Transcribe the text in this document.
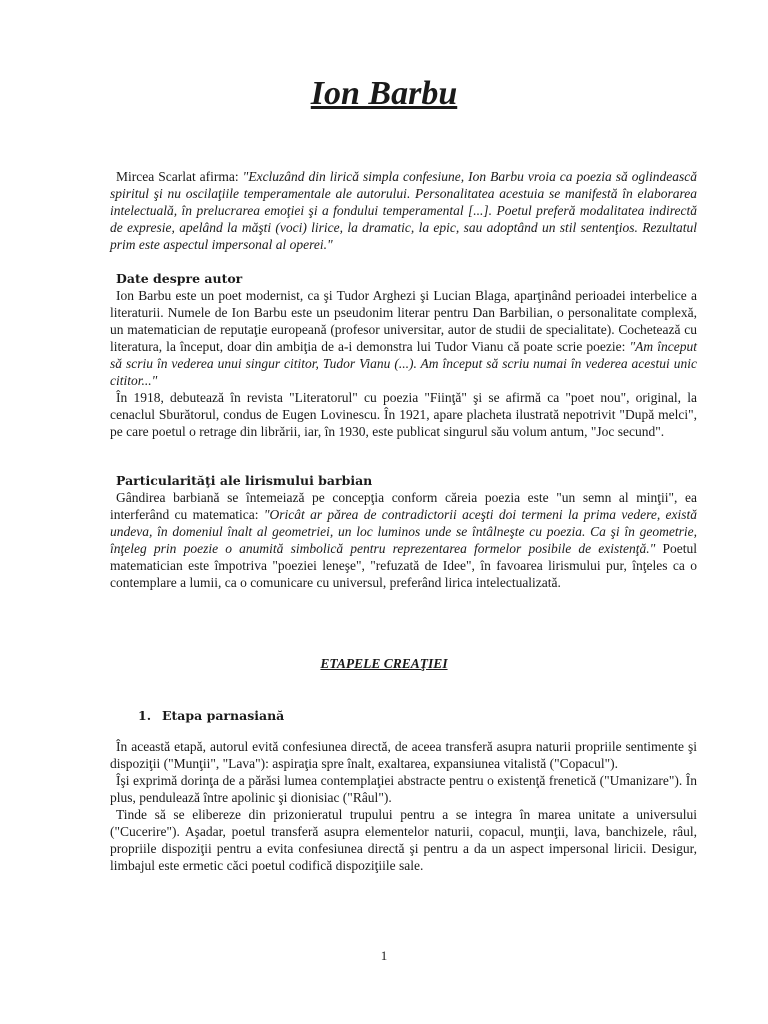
Ion Barbu

Mircea Scarlat afirma: "Excluzând din lirică simpla confesiune, Ion Barbu vroia ca poezia să oglindească spiritul şi nu oscilaţiile temperamentale ale autorului. Personalitatea acestuia se manifestă în elaborarea intelectuală, în prelucrarea emoţiei şi a fondului temperamental [...]. Poetul preferă modalitatea indirectă de expresie, apelând la măşti (voci) lirice, la dramatic, la epic, sau adoptând un stil sentenţios. Rezultatul prim este aspectul impersonal al operei."

Date despre autor

Ion Barbu este un poet modernist, ca şi Tudor Arghezi şi Lucian Blaga, aparţinând perioadei interbelice a literaturii. Numele de Ion Barbu este un pseudonim literar pentru Dan Barbilian, o personalitate complexă, un matematician de reputaţie europeană (profesor universitar, autor de studii de specialitate). Cochetează cu literatura, la început, doar din ambiţia de a-i demonstra lui Tudor Vianu că poate scrie poezie: "Am început să scriu în vederea unui singur cititor, Tudor Vianu (...). Am început să scriu numai în vederea acestui unic cititor..."

În 1918, debutează în revista "Literatorul" cu poezia "Fiinţă" şi se afirmă ca "poet nou", original, la cenaclul Sburătorul, condus de Eugen Lovinescu. În 1921, apare placheta ilustrată nepotrivit "După melci", pe care poetul o retrage din librării, iar, în 1930, este publicat singurul său volum antum, "Joc secund".

Particularităţi ale lirismului barbian

Gândirea barbiană se întemeiază pe concepţia conform căreia poezia este "un semn al minţii", ea interferând cu matematica: "Oricât ar părea de contradictorii aceşti doi termeni la prima vedere, există undeva, în domeniul înalt al geometriei, un loc luminos unde se întâlneşte cu poezia. Ca şi în geometrie, înţeleg prin poezie o anumită simbolică pentru reprezentarea formelor posibile de existenţă." Poetul matematician este împotriva "poeziei leneşe", "refuzată de Idee", în favoarea lirismului pur, înţeles ca o contemplare a lumii, ca o comunicare cu universul, preferând lirica intelectualizată.

ETAPELE CREAŢIEI
1. Etapa parnasiană

În această etapă, autorul evită confesiunea directă, de aceea transferă asupra naturii propriile sentimente şi dispoziţii ("Munţii", "Lava"): aspiraţia spre înalt, exaltarea, expansiunea vitalistă ("Copacul").

Îşi exprimă dorinţa de a părăsi lumea contemplaţiei abstracte pentru o existenţă frenetică ("Umanizare"). În plus, pendulează între apolinic şi dionisiac ("Râul").

Tinde să se elibereze din prizonieratul trupului pentru a se integra în marea unitate a universului ("Cucerire"). Aşadar, poetul transferă asupra elementelor naturii, copacul, munţii, lava, banchizele, râul, propriile dispoziţii pentru a evita confesiunea directă şi pentru a da un aspect impersonal liricii. Desigur, limbajul este ermetic căci poetul codifică dispoziţiile sale.

1
